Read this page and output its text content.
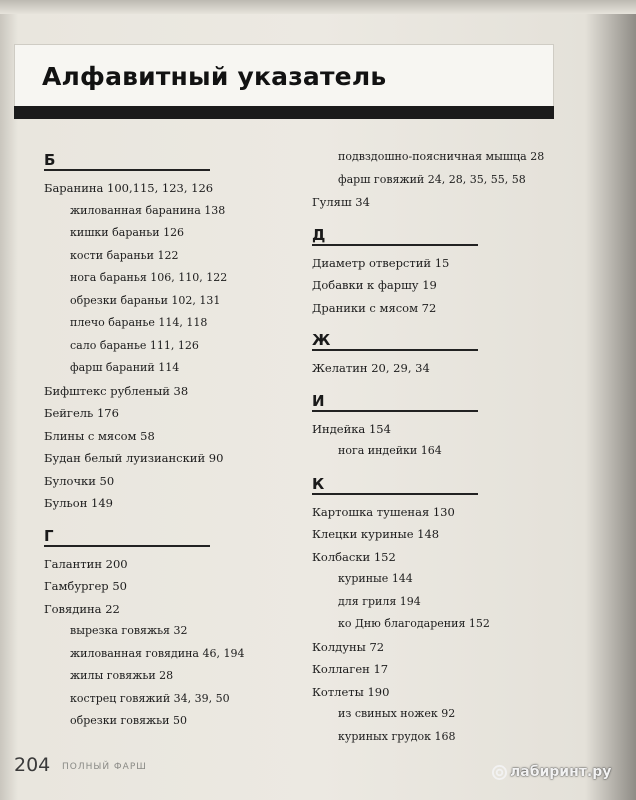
Алфавитный указатель
Б
Баранина 100,115, 123, 126
жилованная баранина 138
кишки бараньи 126
кости бараньи 122
нога баранья 106, 110, 122
обрезки бараньи 102, 131
плечо баранье 114, 118
сало баранье 111, 126
фарш бараний 114
Бифштекс рубленый 38
Бейгель 176
Блины с мясом 58
Будан белый луизианский 90
Булочки 50
Бульон 149
Г
Галантин 200
Гамбургер 50
Говядина 22
вырезка говяжья 32
жилованная говядина 46, 194
жилы говяжьи 28
кострец говяжий 34, 39, 50
обрезки говяжьи 50
подвздошно-поясничная мышца 28
фарш говяжий 24, 28, 35, 55, 58
Гуляш 34
Д
Диаметр отверстий 15
Добавки к фаршу 19
Драники с мясом 72
Ж
Желатин 20, 29, 34
И
Индейка 154
нога индейки 164
К
Картошка тушеная 130
Клецки куриные 148
Колбаски 152
куриные 144
для гриля 194
ко Дню благодарения 152
Колдуны 72
Коллаген 17
Котлеты 190
из свиных ножек 92
куриных грудок 168
204 ПОЛНЫЙ ФАРШ	лабиринт.ру
